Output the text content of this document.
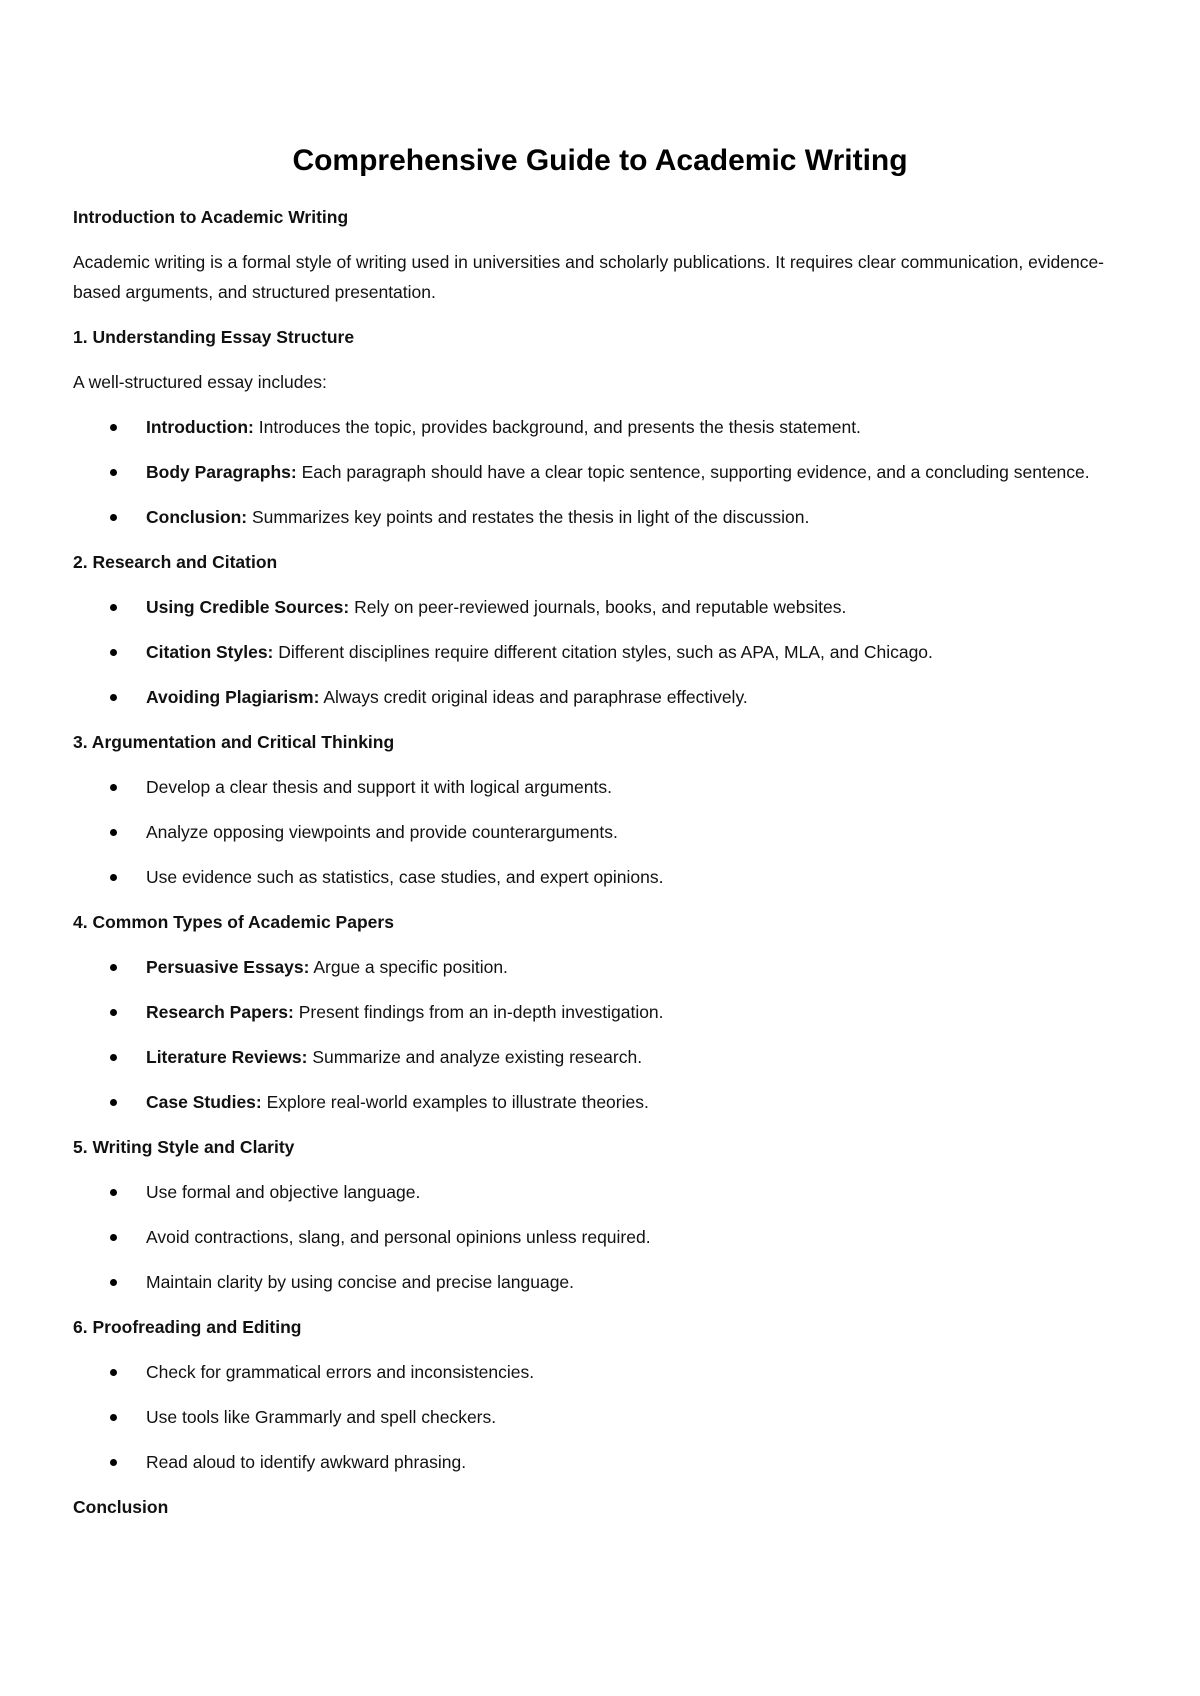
Comprehensive Guide to Academic Writing
Introduction to Academic Writing

Academic writing is a formal style of writing used in universities and scholarly publications. It requires clear communication, evidence-based arguments, and structured presentation.

1. Understanding Essay Structure

A well-structured essay includes:

Introduction: Introduces the topic, provides background, and presents the thesis statement.
Body Paragraphs: Each paragraph should have a clear topic sentence, supporting evidence, and a concluding sentence.
Conclusion: Summarizes key points and restates the thesis in light of the discussion.
2. Research and Citation
Using Credible Sources: Rely on peer-reviewed journals, books, and reputable websites.
Citation Styles: Different disciplines require different citation styles, such as APA, MLA, and Chicago.
Avoiding Plagiarism: Always credit original ideas and paraphrase effectively.
3. Argumentation and Critical Thinking
Develop a clear thesis and support it with logical arguments.
Analyze opposing viewpoints and provide counterarguments.
Use evidence such as statistics, case studies, and expert opinions.
4. Common Types of Academic Papers
Persuasive Essays: Argue a specific position.
Research Papers: Present findings from an in-depth investigation.
Literature Reviews: Summarize and analyze existing research.
Case Studies: Explore real-world examples to illustrate theories.
5. Writing Style and Clarity
Use formal and objective language.
Avoid contractions, slang, and personal opinions unless required.
Maintain clarity by using concise and precise language.
6. Proofreading and Editing
Check for grammatical errors and inconsistencies.
Use tools like Grammarly and spell checkers.
Read aloud to identify awkward phrasing.
Conclusion
